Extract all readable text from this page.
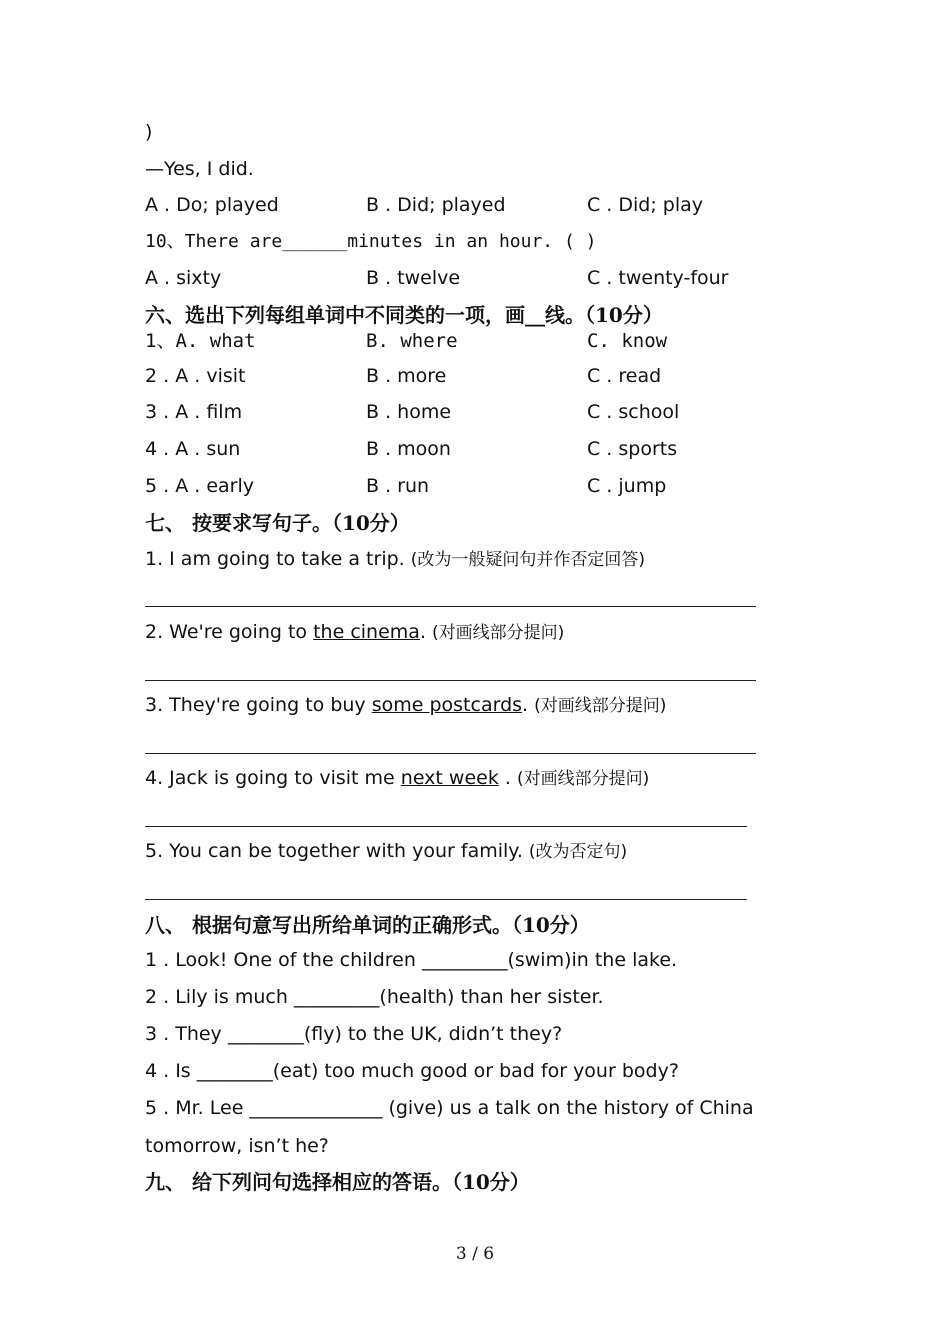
)
—Yes, I did.
A . Do; played	B . Did; played	C . Did; play
10、There are______minutes in an hour. ( )
A . sixty	B . twelve	C . twenty-four
六、选出下列每组单词中不同类的一项，画__线。（10分）
1、A. what	B. where	C. know
2 . A . visit	B . more	C . read
3 . A . film	B . home	C . school
4 . A . sun	B . moon	C . sports
5 . A . early	B . run	C . jump
七、 按要求写句子。（10分）
1. I am going to take a trip. (改为一般疑问句并作否定回答)
2. We're going to the cinema. (对画线部分提问)
3. They're going to buy some postcards. (对画线部分提问)
4. Jack is going to visit me next week . (对画线部分提问)
5. You can be together with your family. (改为否定句)
八、 根据句意写出所给单词的正确形式。（10分）
1 . Look! One of the children _________(swim)in the lake.
2 . Lily is much _________(health) than her sister.
3 . They ________(fly) to the UK, didn’t they?
4 . Is ________(eat) too much good or bad for your body?
5 . Mr. Lee ______________ (give) us a talk on the history of China
tomorrow, isn’t he?
九、 给下列问句选择相应的答语。（10分）
3 / 6
